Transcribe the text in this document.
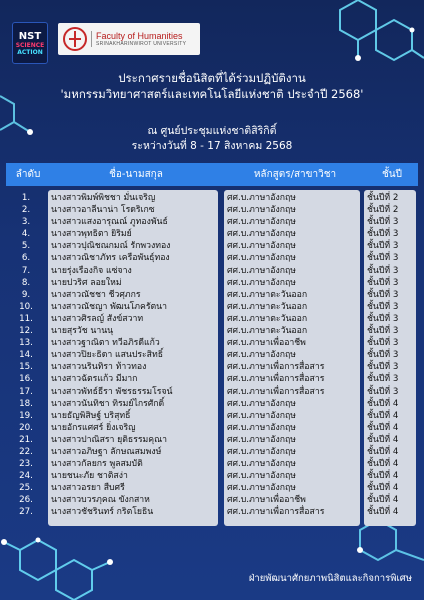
NST
SCIENCE
ACTION
Faculty of Humanities
SRINAKHARINWIROT UNIVERSITY
ประกาศรายชื่อนิสิตที่ได้ร่วมปฏิบัติงาน
'มหกรรมวิทยาศาสตร์และเทคโนโลยีแห่งชาติ ประจำปี 2568'
ณ ศูนย์ประชุมแห่งชาติสิริกิติ์
ระหว่างวันที่ 8 - 17 สิงหาคม 2568
ลำดับ	ชื่อ-นามสกุล	หลักสูตร/สาขาวิชา	ชั้นปี
1.	นางสาวพิมพ์พิชชา มั่นเจริญ	ศศ.บ.ภาษาอังกฤษ	ชั้นปีที่ 2
2.	นางสาวอาลีนาน่า โรดริเกซ	ศศ.บ.ภาษาอังกฤษ	ชั้นปีที่ 2
3.	นางสาวแสงอารุณณ์ ภูทองพันธ์	ศศ.บ.ภาษาอังกฤษ	ชั้นปีที่ 3
4.	นางสาวพุทธิตา ยิริมย์	ศศ.บ.ภาษาอังกฤษ	ชั้นปีที่ 3
5.	นางสาวปุณิชณกมณ์ รักพวงทอง	ศศ.บ.ภาษาอังกฤษ	ชั้นปีที่ 3
6.	นางสาวณิชาภัทร เครือพันธุ์ทอง	ศศ.บ.ภาษาอังกฤษ	ชั้นปีที่ 3
7.	นายรุ่งเรืองกิจ แซ่จาง	ศศ.บ.ภาษาอังกฤษ	ชั้นปีที่ 3
8.	นายปวริศ ลอยใหม่	ศศ.บ.ภาษาอังกฤษ	ชั้นปีที่ 3
9.	นางสาวณัชชา ชีวศุภกร	ศศ.บ.ภาษาตะวันออก	ชั้นปีที่ 3
10.	นางสาวณัชญา พัฒนโภครัตนา	ศศ.บ.ภาษาตะวันออก	ชั้นปีที่ 3
11.	นางสาวศิรลญ์ สังข์สวาท	ศศ.บ.ภาษาตะวันออก	ชั้นปีที่ 3
12.	นายสุรวัช นานนุ	ศศ.บ.ภาษาตะวันออก	ชั้นปีที่ 3
13.	นางสาวฐาณิตา ทวีอภิรดีแก้ว	ศศ.บ.ภาษาเพื่ออาชีพ	ชั้นปีที่ 3
14.	นางสาวปิยะธิดา แสนประสิทธิ์	ศศ.บ.ภาษาอังกฤษ	ชั้นปีที่ 3
15.	นางสาวนรินทิรา ท้าวทอง	ศศ.บ.ภาษาเพื่อการสื่อสาร	ชั้นปีที่ 3
16.	นางสาวฉัตรแก้ว มีมาก	ศศ.บ.ภาษาเพื่อการสื่อสาร	ชั้นปีที่ 3
17.	นางสาวพัทธ์ธีรา พัชรธรรมโรจน์	ศศ.บ.ภาษาเพื่อการสื่อสาร	ชั้นปีที่ 3
18.	นางสาวนันทิชา ทิรมย์ไกรศักดิ์	ศศ.บ.ภาษาอังกฤษ	ชั้นปีที่ 4
19.	นายธัญพิสิษฐ์ บริสุทธิ์	ศศ.บ.ภาษาอังกฤษ	ชั้นปีที่ 4
20.	นายอักรแศศร์ ยิ่งเจริญ	ศศ.บ.ภาษาอังกฤษ	ชั้นปีที่ 4
21.	นางสาวปาณิสรา ยุติธรรมคุณา	ศศ.บ.ภาษาอังกฤษ	ชั้นปีที่ 4
22.	นางสาวอภิษฐา ลักษณสมพงษ์	ศศ.บ.ภาษาอังกฤษ	ชั้นปีที่ 4
23.	นางสาวกัลยกร พูลสมบัติ	ศศ.บ.ภาษาอังกฤษ	ชั้นปีที่ 4
24.	นายชนะภัย ชาติสง่า	ศศ.บ.ภาษาอังกฤษ	ชั้นปีที่ 4
25.	นางสาวอรยา สืบศรี	ศศ.บ.ภาษาอังกฤษ	ชั้นปีที่ 4
26.	นางสาวบวรภุคณ ขังกสาห	ศศ.บ.ภาษาเพื่ออาชีพ	ชั้นปีที่ 4
27.	นางสาวชัชรินทร์ กริตโยธิน	ศศ.บ.ภาษาเพื่อการสื่อสาร	ชั้นปีที่ 4
ฝ่ายพัฒนาศักยภาพนิสิตและกิจการพิเศษ
